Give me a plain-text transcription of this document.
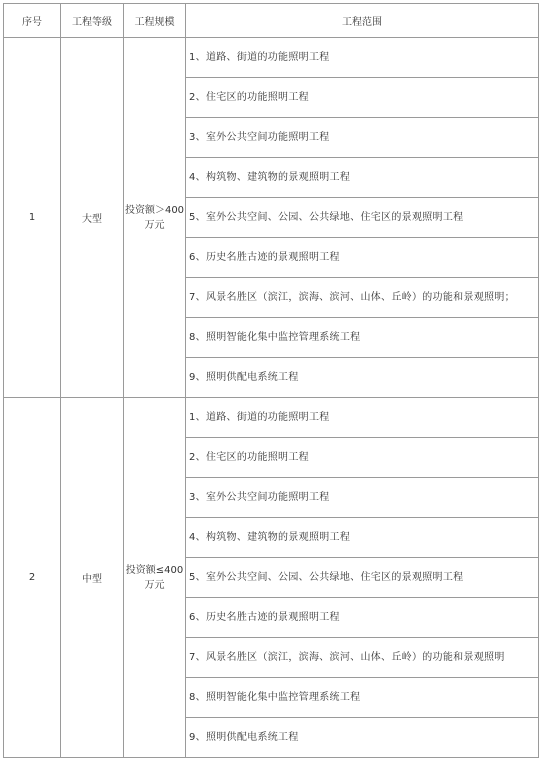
序号	工程等级	工程规模	工程范围
1	大型	投资额＞400万元	1、道路、街道的功能照明工程
			2、住宅区的功能照明工程
			3、室外公共空间功能照明工程
			4、构筑物、建筑物的景观照明工程
			5、室外公共空间、公园、公共绿地、住宅区的景观照明工程
			6、历史名胜古迹的景观照明工程
			7、风景名胜区（滨江，滨海、滨河、山体、丘岭）的功能和景观照明；
			8、照明智能化集中监控管理系统工程
			9、照明供配电系统工程
2	中型	投资额≤400万元	1、道路、街道的功能照明工程
			2、住宅区的功能照明工程
			3、室外公共空间功能照明工程
			4、构筑物、建筑物的景观照明工程
			5、室外公共空间、公园、公共绿地、住宅区的景观照明工程
			6、历史名胜古迹的景观照明工程
			7、风景名胜区（滨江，滨海、滨河、山体、丘岭）的功能和景观照明
			8、照明智能化集中监控管理系统工程
			9、照明供配电系统工程
